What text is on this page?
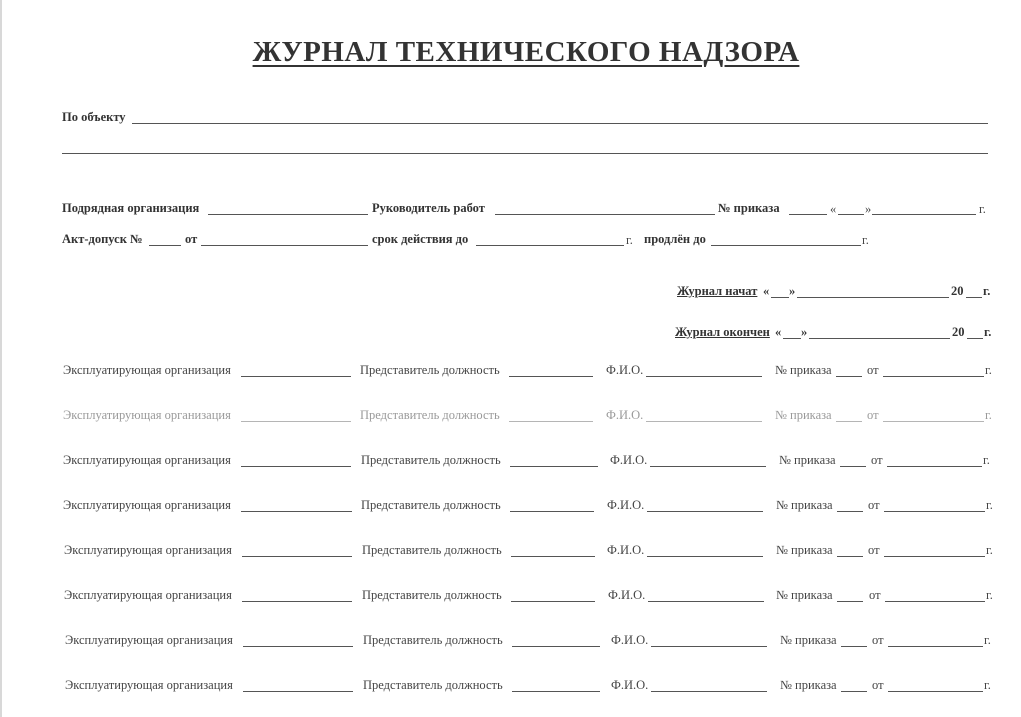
ЖУРНАЛ ТЕХНИЧЕСКОГО НАДЗОРА
По объекту
Подрядная организация	Руководитель работ	№ приказа	« »	г.
Акт-допуск №	от	срок действия до	г. продлён до	г.
Журнал начат « »	20 г.
Журнал окончен « »	20 г.
Эксплуатирующая организация	Представитель должность	Ф.И.О.	№ приказа	от	г.
Эксплуатирующая организация	Представитель должность	Ф.И.О.	№ приказа	от	г.
Эксплуатирующая организация	Представитель должность	Ф.И.О.	№ приказа	от	г.
Эксплуатирующая организация	Представитель должность	Ф.И.О.	№ приказа	от	г.
Эксплуатирующая организация	Представитель должность	Ф.И.О.	№ приказа	от	г.
Эксплуатирующая организация	Представитель должность	Ф.И.О.	№ приказа	от	г.
Эксплуатирующая организация	Представитель должность	Ф.И.О.	№ приказа	от	г.
Эксплуатирующая организация	Представитель должность	Ф.И.О.	№ приказа	от	г.
